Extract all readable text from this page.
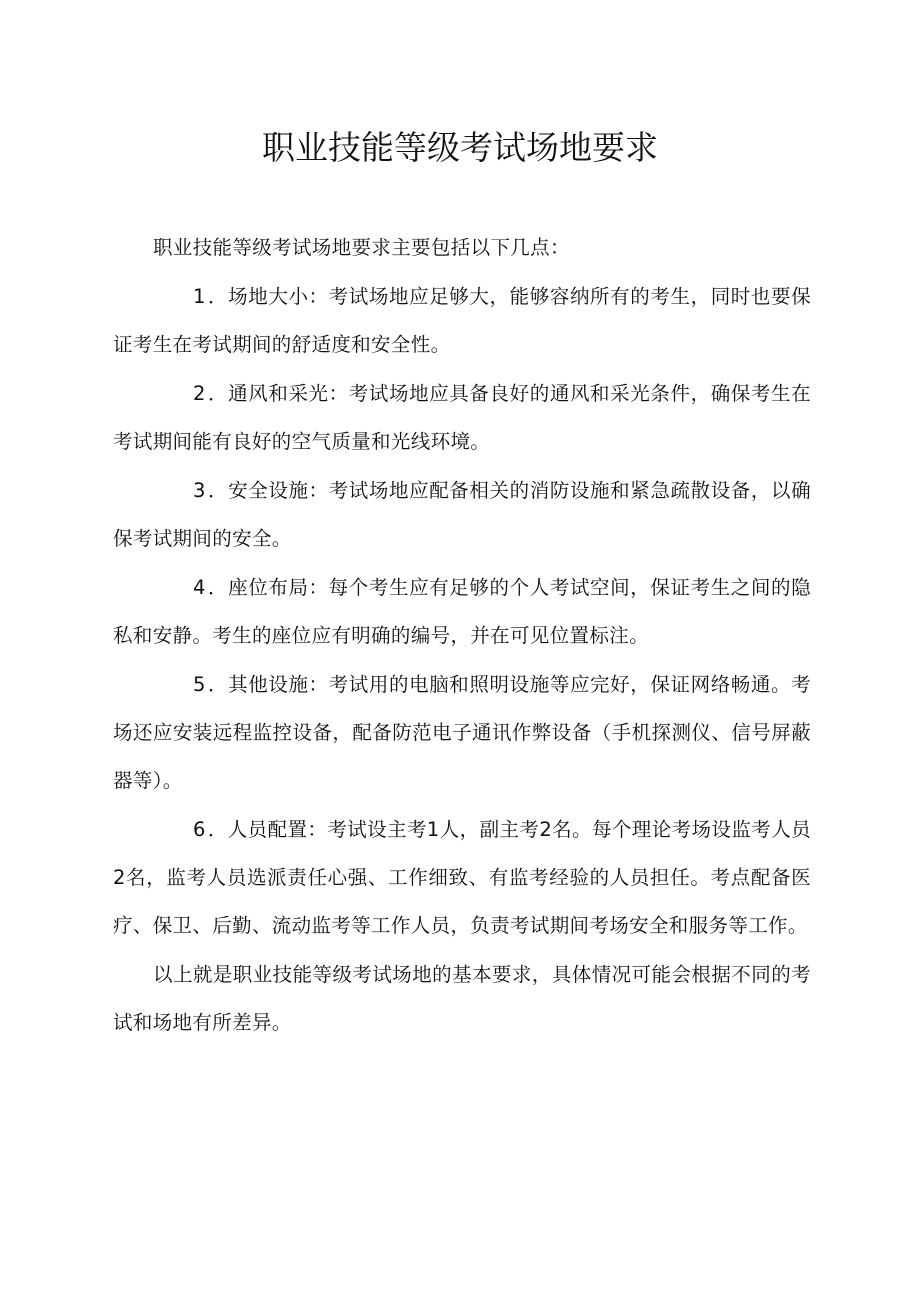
职业技能等级考试场地要求

职业技能等级考试场地要求主要包括以下几点：

1 ．场地大小：考试场地应足够大，能够容纳所有的考生，同时也要保证考生在考试期间的舒适度和安全性。

2 ．通风和采光：考试场地应具备良好的通风和采光条件，确保考生在考试期间能有良好的空气质量和光线环境。

3 ．安全设施：考试场地应配备相关的消防设施和紧急疏散设备，以确保考试期间的安全。

4 ．座位布局：每个考生应有足够的个人考试空间，保证考生之间的隐私和安静。考生的座位应有明确的编号，并在可见位置标注。

5 ．其他设施：考试用的电脑和照明设施等应完好，保证网络畅通。考场还应安装远程监控设备，配备防范电子通讯作弊设备（手机探测仪、信号屏蔽器等）。

6 ．人员配置：考试设主考1人，副主考2名。每个理论考场设监考人员2名，监考人员选派责任心强、工作细致、有监考经验的人员担任。考点配备医疗、保卫、后勤、流动监考等工作人员，负责考试期间考场安全和服务等工作。

以上就是职业技能等级考试场地的基本要求，具体情况可能会根据不同的考试和场地有所差异。
